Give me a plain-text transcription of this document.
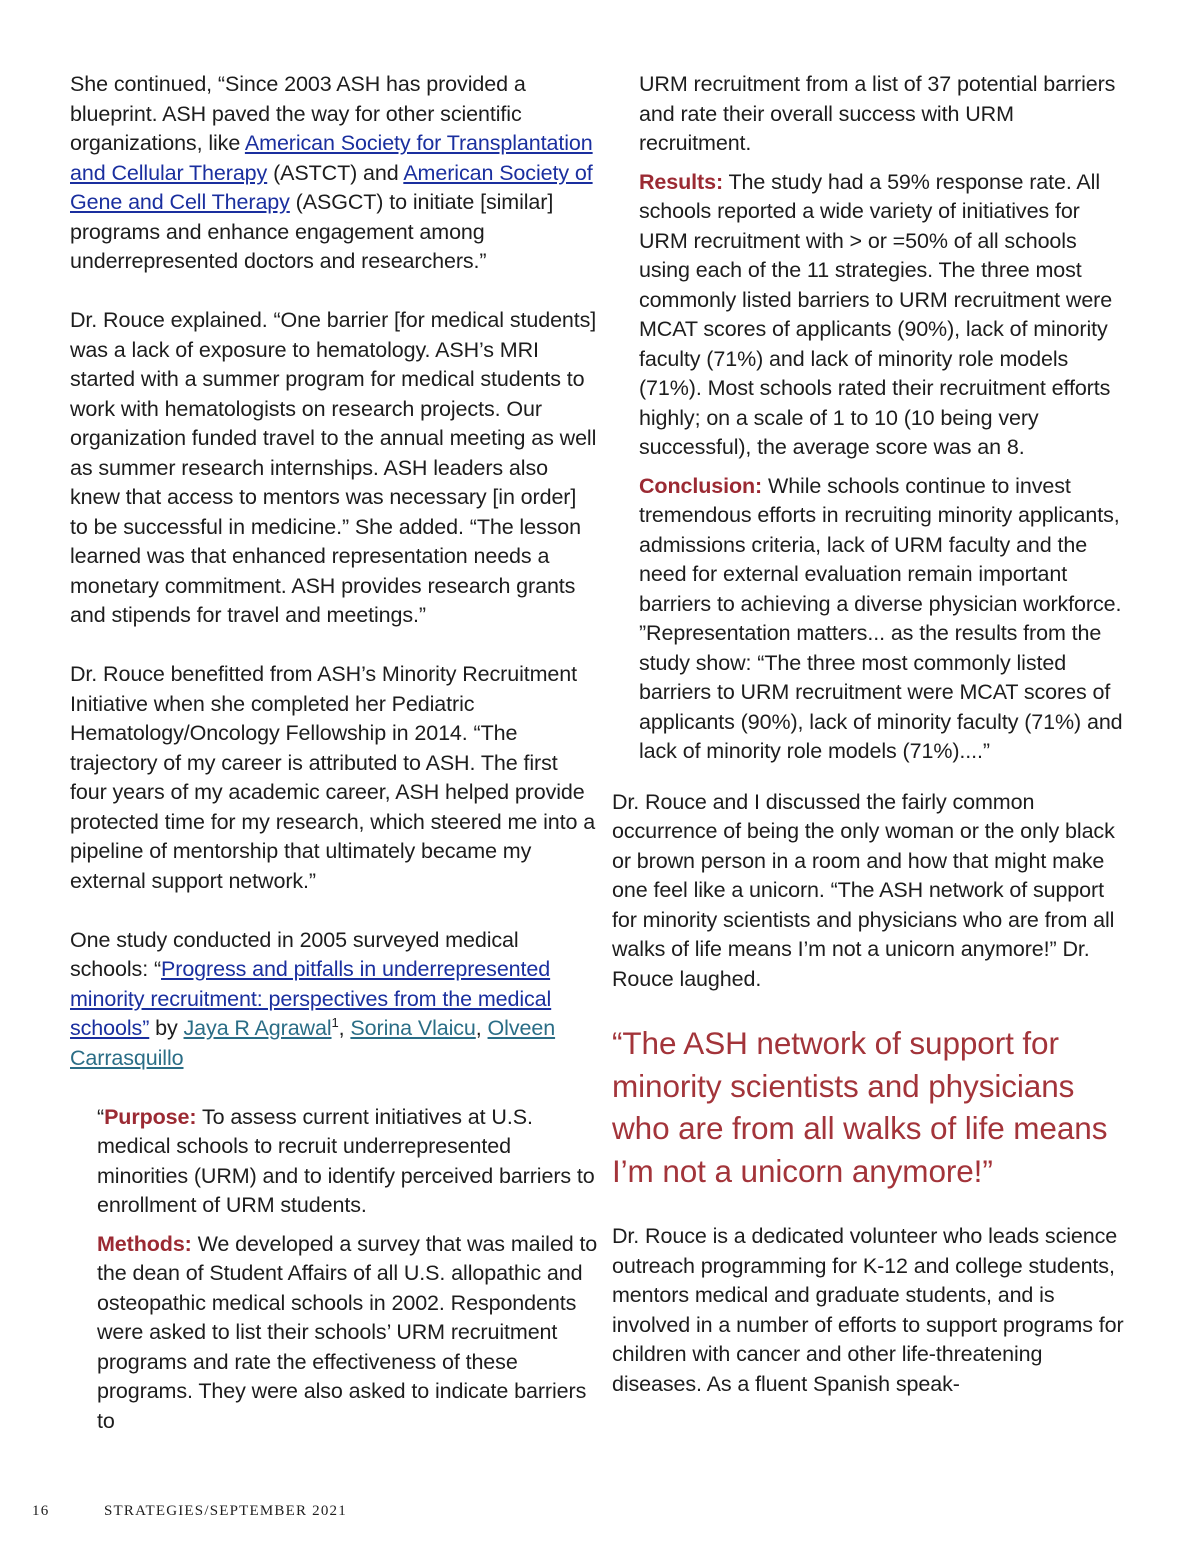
She continued, “Since 2003 ASH has provided a blueprint. ASH paved the way for other scientific organizations, like American Society for Transplantation and Cellular Therapy (ASTCT) and American Society of Gene and Cell Therapy (ASGCT) to initiate [similar] programs and enhance engagement among underrepresented doctors and researchers.”

Dr. Rouce explained. “One barrier [for medical students] was a lack of exposure to hematology. ASH’s MRI started with a summer program for medical students to work with hematologists on research projects. Our organization funded travel to the annual meeting as well as summer research internships. ASH leaders also knew that access to mentors was necessary [in order] to be successful in medicine.” She added. “The lesson learned was that enhanced representation needs a monetary commitment. ASH provides research grants and stipends for travel and meetings.”

Dr. Rouce benefitted from ASH’s Minority Recruitment Initiative when she completed her Pediatric Hematology/Oncology Fellowship in 2014. “The trajectory of my career is attributed to ASH. The first four years of my academic career, ASH helped provide protected time for my research, which steered me into a pipeline of mentorship that ultimately became my external support network.”

One study conducted in 2005 surveyed medical schools: “Progress and pitfalls in underrepresented minority recruitment: perspectives from the medical schools” by Jaya R Agrawal$^1$, Sorina Vlaicu, Olveen Carrasquillo

“Purpose: To assess current initiatives at U.S. medical schools to recruit underrepresented minorities (URM) and to identify perceived barriers to enrollment of URM students.

Methods: We developed a survey that was mailed to the dean of Student Affairs of all U.S. allopathic and osteopathic medical schools in 2002. Respondents were asked to list their schools’ URM recruitment programs and rate the effectiveness of these programs. They were also asked to indicate barriers to

URM recruitment from a list of 37 potential barriers and rate their overall success with URM recruitment.

Results: The study had a 59% response rate. All schools reported a wide variety of initiatives for URM recruitment with > or =50% of all schools using each of the 11 strategies. The three most commonly listed barriers to URM recruitment were MCAT scores of applicants (90%), lack of minority faculty (71%) and lack of minority role models (71%). Most schools rated their recruitment efforts highly; on a scale of 1 to 10 (10 being very successful), the average score was an 8.

Conclusion: While schools continue to invest tremendous efforts in recruiting minority applicants, admissions criteria, lack of URM faculty and the need for external evaluation remain important barriers to achieving a diverse physician workforce. ”Representation matters... as the results from the study show: “The three most commonly listed barriers to URM recruitment were MCAT scores of applicants (90%), lack of minority faculty (71%) and lack of minority role models (71%)....”

Dr. Rouce and I discussed the fairly common occurrence of being the only woman or the only black or brown person in a room and how that might make one feel like a unicorn. “The ASH network of support for minority scientists and physicians who are from all walks of life means I’m not a unicorn anymore!” Dr. Rouce laughed.

“The ASH network of support for minority scientists and physicians who are from all walks of life means I’m not a unicorn anymore!”

Dr. Rouce is a dedicated volunteer who leads science outreach programming for K-12 and college students, mentors medical and graduate students, and is involved in a number of efforts to support programs for children with cancer and other life-threatening diseases. As a fluent Spanish speak-

16	STRATEGIES/SEPTEMBER 2021
